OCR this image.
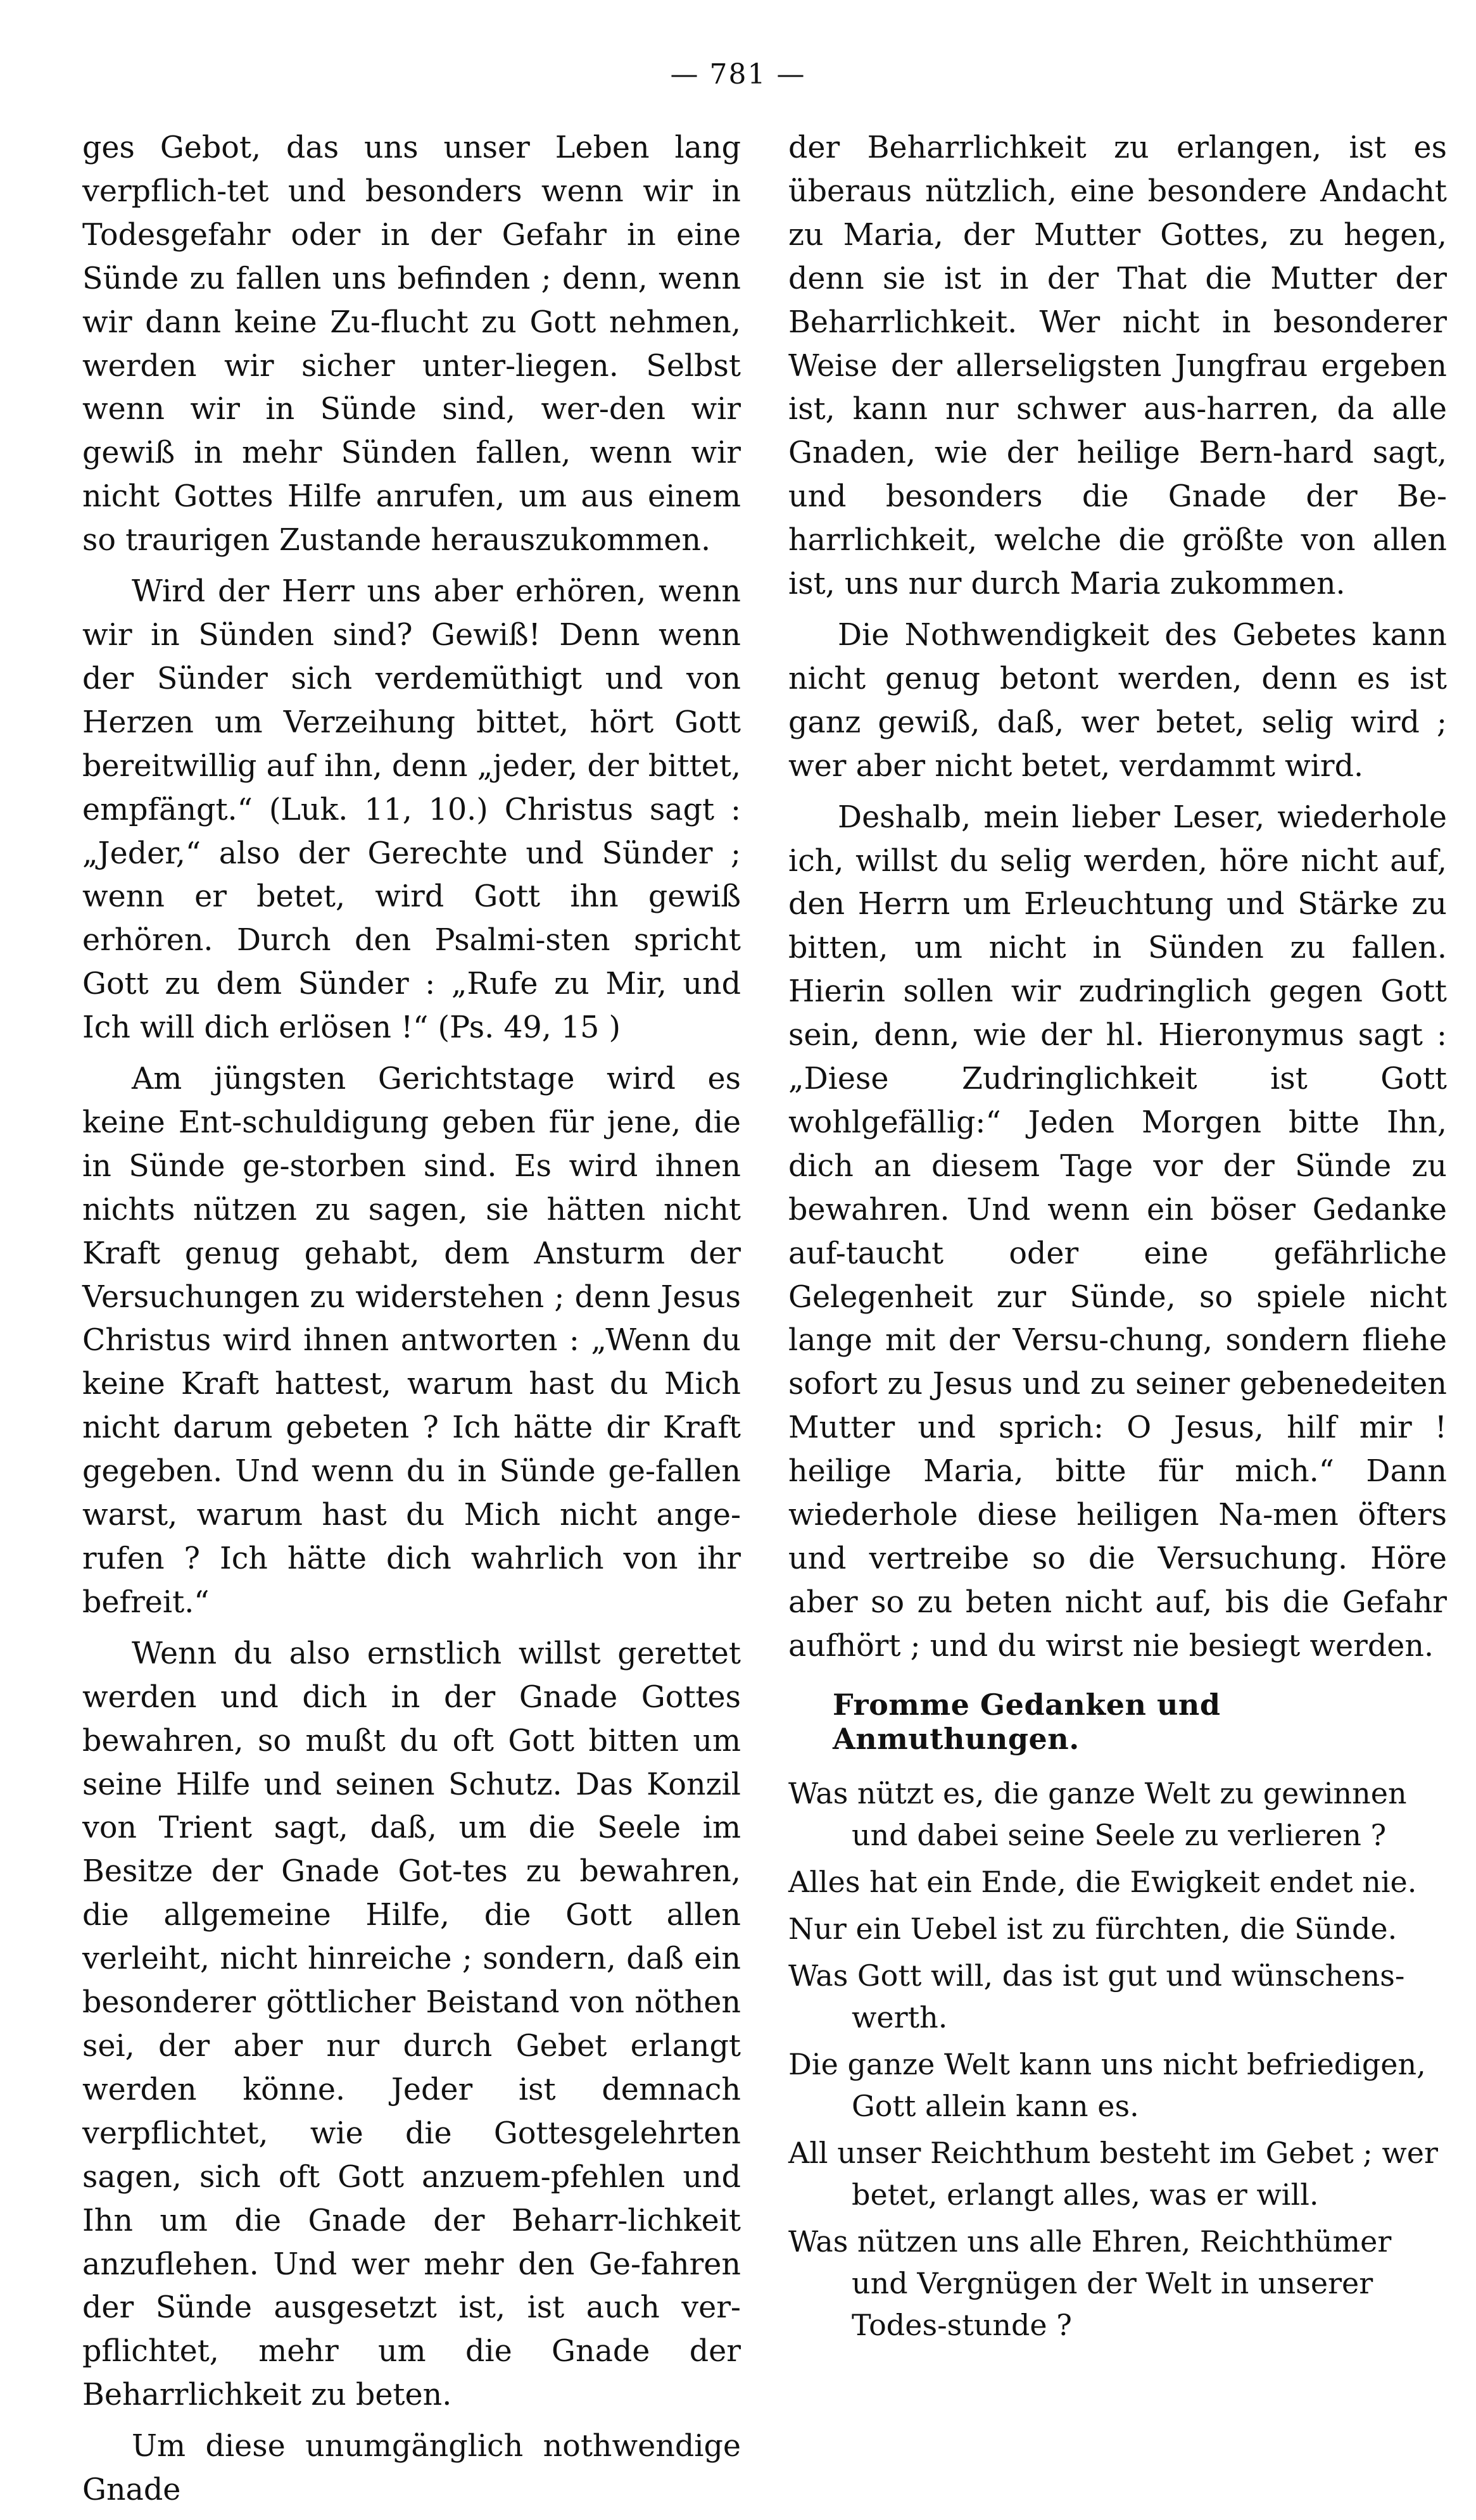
— 781 —

ges Gebot, das uns unser Leben lang verpflich-tet und besonders wenn wir in Todesgefahr oder in der Gefahr in eine Sünde zu fallen uns befinden ; denn, wenn wir dann keine Zu-flucht zu Gott nehmen, werden wir sicher unter-liegen. Selbst wenn wir in Sünde sind, wer-den wir gewiß in mehr Sünden fallen, wenn wir nicht Gottes Hilfe anrufen, um aus einem so traurigen Zustande herauszukommen.

Wird der Herr uns aber erhören, wenn wir in Sünden sind? Gewiß! Denn wenn der Sünder sich verdemüthigt und von Herzen um Verzeihung bittet, hört Gott bereitwillig auf ihn, denn „jeder, der bittet, empfängt.“ (Luk. 11, 10.) Christus sagt : „Jeder,“ also der Gerechte und Sünder ; wenn er betet, wird Gott ihn gewiß erhören. Durch den Psalmi-sten spricht Gott zu dem Sünder : „Rufe zu Mir, und Ich will dich erlösen !“ (Ps. 49, 15 )

Am jüngsten Gerichtstage wird es keine Ent-schuldigung geben für jene, die in Sünde ge-storben sind. Es wird ihnen nichts nützen zu sagen, sie hätten nicht Kraft genug gehabt, dem Ansturm der Versuchungen zu widerstehen ; denn Jesus Christus wird ihnen antworten : „Wenn du keine Kraft hattest, warum hast du Mich nicht darum gebeten ? Ich hätte dir Kraft gegeben. Und wenn du in Sünde ge-fallen warst, warum hast du Mich nicht ange-rufen ? Ich hätte dich wahrlich von ihr befreit.“

Wenn du also ernstlich willst gerettet werden und dich in der Gnade Gottes bewahren, so mußt du oft Gott bitten um seine Hilfe und seinen Schutz. Das Konzil von Trient sagt, daß, um die Seele im Besitze der Gnade Got-tes zu bewahren, die allgemeine Hilfe, die Gott allen verleiht, nicht hinreiche ; sondern, daß ein besonderer göttlicher Beistand von nöthen sei, der aber nur durch Gebet erlangt werden könne. Jeder ist demnach verpflichtet, wie die Gottesgelehrten sagen, sich oft Gott anzuem-pfehlen und Ihn um die Gnade der Beharr-lichkeit anzuflehen. Und wer mehr den Ge-fahren der Sünde ausgesetzt ist, ist auch ver-pflichtet, mehr um die Gnade der Beharrlichkeit zu beten.

Um diese unumgänglich nothwendige Gnade

der Beharrlichkeit zu erlangen, ist es überaus nützlich, eine besondere Andacht zu Maria, der Mutter Gottes, zu hegen, denn sie ist in der That die Mutter der Beharrlichkeit. Wer nicht in besonderer Weise der allerseligsten Jungfrau ergeben ist, kann nur schwer aus-harren, da alle Gnaden, wie der heilige Bern-hard sagt, und besonders die Gnade der Be-harrlichkeit, welche die größte von allen ist, uns nur durch Maria zukommen.

Die Nothwendigkeit des Gebetes kann nicht genug betont werden, denn es ist ganz gewiß, daß, wer betet, selig wird ; wer aber nicht betet, verdammt wird.

Deshalb, mein lieber Leser, wiederhole ich, willst du selig werden, höre nicht auf, den Herrn um Erleuchtung und Stärke zu bitten, um nicht in Sünden zu fallen. Hierin sollen wir zudringlich gegen Gott sein, denn, wie der hl. Hieronymus sagt : „Diese Zudringlichkeit ist Gott wohlgefällig:“ Jeden Morgen bitte Ihn, dich an diesem Tage vor der Sünde zu bewahren. Und wenn ein böser Gedanke auf-taucht oder eine gefährliche Gelegenheit zur Sünde, so spiele nicht lange mit der Versu-chung, sondern fliehe sofort zu Jesus und zu seiner gebenedeiten Mutter und sprich: O Jesus, hilf mir ! heilige Maria, bitte für mich.“ Dann wiederhole diese heiligen Na-men öfters und vertreibe so die Versuchung. Höre aber so zu beten nicht auf, bis die Gefahr aufhört ; und du wirst nie besiegt werden.

Fromme Gedanken und Anmuthungen.

Was nützt es, die ganze Welt zu gewinnen und dabei seine Seele zu verlieren ?

Alles hat ein Ende, die Ewigkeit endet nie.

Nur ein Uebel ist zu fürchten, die Sünde.

Was Gott will, das ist gut und wünschens-werth.

Die ganze Welt kann uns nicht befriedigen, Gott allein kann es.

All unser Reichthum besteht im Gebet ; wer betet, erlangt alles, was er will.

Was nützen uns alle Ehren, Reichthümer und Vergnügen der Welt in unserer Todes-stunde ?
